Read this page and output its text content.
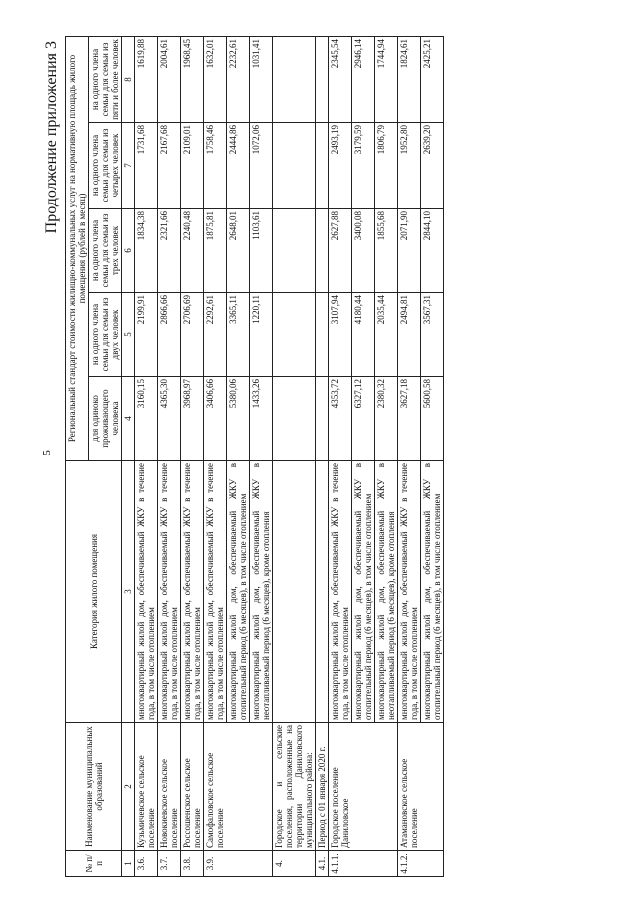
5
Продолжение приложения 3
№ п/п	Наименование муниципальных образований	Категория жилого помещения	Региональный стандарт стоимости жилищно-коммунальных услуг на нормативную площадь жилого помещения (рублей в месяц)				
			для одиноко проживающего человека	на одного члена семьи для семьи из двух человек	на одного члена семьи для семьи из трех человек	на одного члена семьи для семьи из четырех человек	на одного члена семьи для семьи из пяти и более человек
1	2	3	4	5	6	7	8
3.6.	Кузьмичевское сельское поселение	многоквартирный жилой дом, обеспечиваемый ЖКУ в течение года, в том числе отоплением	3160,15	2199,91	1834,38	1731,68	1619,88
3.7.	Новокиевское сельское поселение	многоквартирный жилой дом, обеспечиваемый ЖКУ в течение года, в том числе отоплением	4365,30	2866,66	2321,66	2167,68	2004,61
3.8.	Россошенское сельское поселение	многоквартирный жилой дом, обеспечиваемый ЖКУ в течение года, в том числе отоплением	3968,97	2706,69	2240,48	2109,01	1968,45
3.9.	Самофаловское сельское поселение	многоквартирный жилой дом, обеспечиваемый ЖКУ в течение года, в том числе отоплением	3406,66	2292,61	1875,81	1758,46	1632,01
		многоквартирный жилой дом, обеспечиваемый ЖКУ в отопительный период (6 месяцев), в том числе отоплением	5380,06	3365,11	2648,01	2444,86	2232,61
		многоквартирный жилой дом, обеспечиваемый ЖКУ в неотапливаемый период (6 месяцев), кроме отопления	1433,26	1220,11	1103,61	1072,06	1031,41
4.	Городское и сельские поселения, расположенные на территории Даниловского муниципального района:						
4.1.	Период с 01 января 2020 г.						
4.1.1.	Городское поселение Даниловское	многоквартирный жилой дом, обеспечиваемый ЖКУ в течение года, в том числе отоплением	4353,72	3107,94	2627,88	2493,19	2345,54
		многоквартирный жилой дом, обеспечиваемый ЖКУ в отопительный период (6 месяцев), в том числе отоплением	6327,12	4180,44	3400,08	3179,59	2946,14
		многоквартирный жилой дом, обеспечиваемый ЖКУ в неотапливаемый период (6 месяцев), кроме отопления	2380,32	2035,44	1855,68	1806,79	1744,94
4.1.2.	Атамановское сельское поселение	многоквартирный жилой дом, обеспечиваемый ЖКУ в течение года, в том числе отоплением	3627,18	2494,81	2071,90	1952,80	1824,61
		многоквартирный жилой дом, обеспечиваемый ЖКУ в отопительный период (6 месяцев), в том числе отоплением	5600,58	3567,31	2844,10	2639,20	2425,21
